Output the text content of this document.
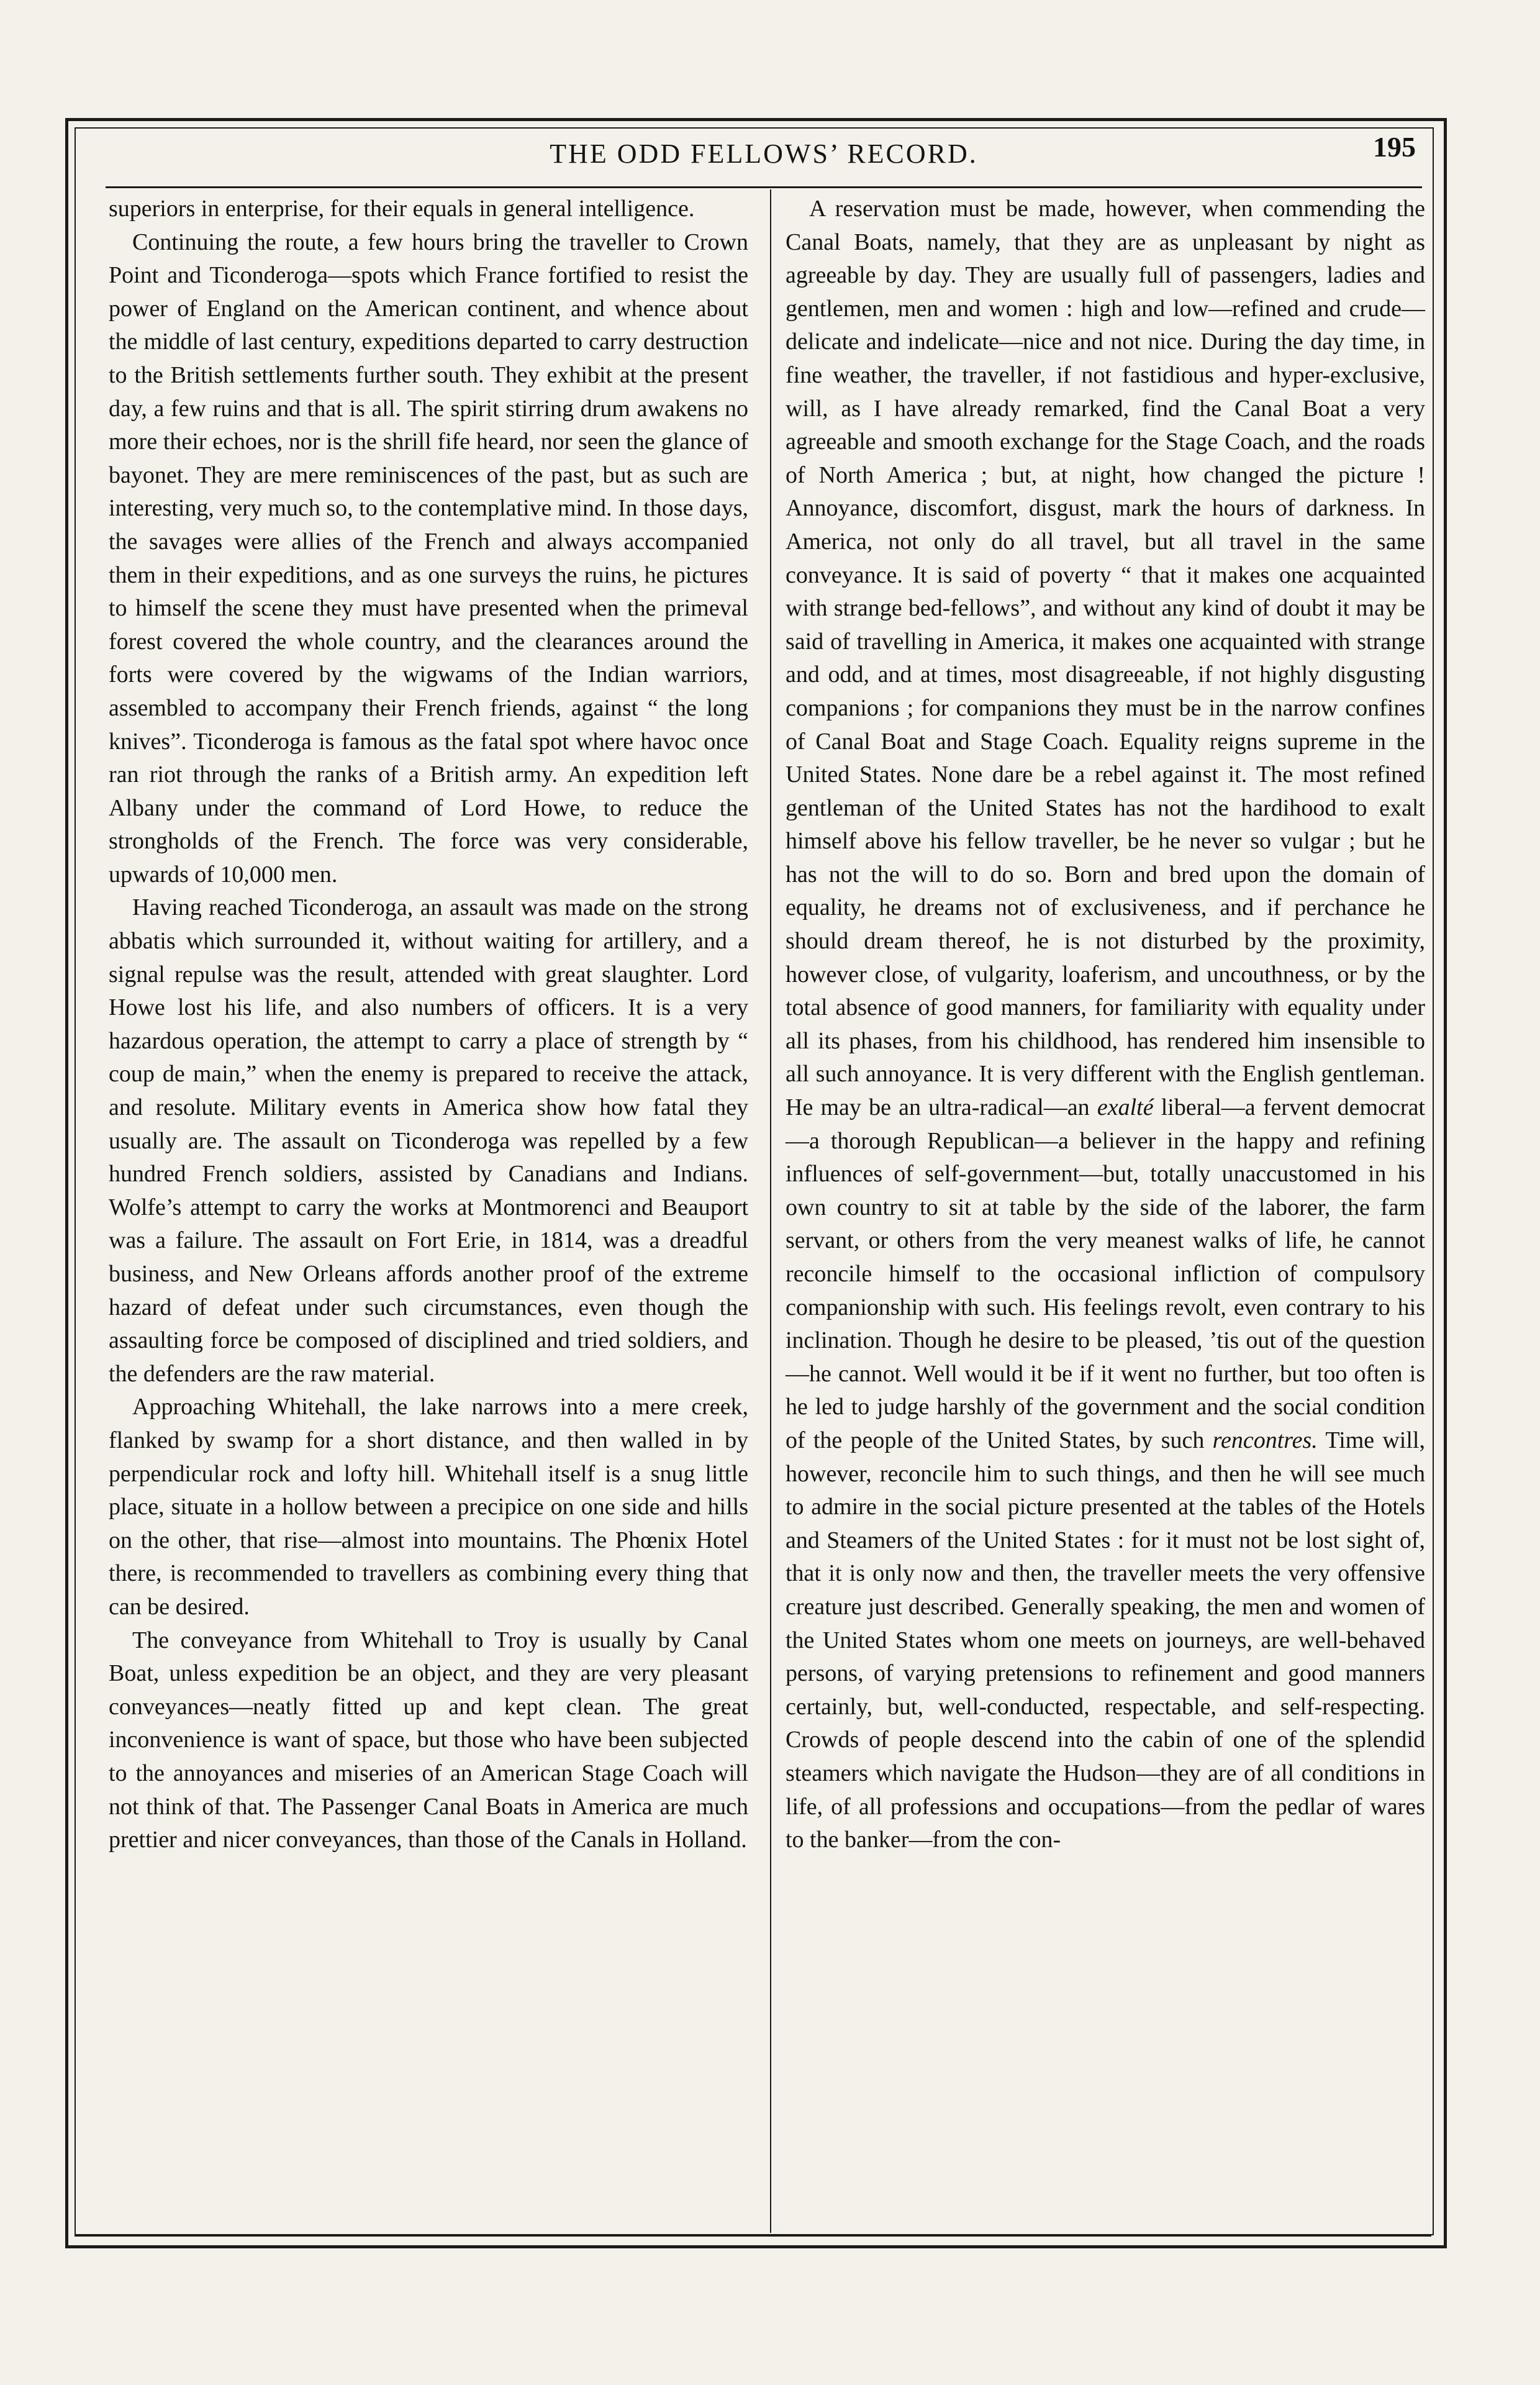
THE ODD FELLOWS’ RECORD.	195

superiors in enterprise, for their equals in general intelligence.

Continuing the route, a few hours bring the traveller to Crown Point and Ticonderoga—spots which France fortified to resist the power of England on the American continent, and whence about the middle of last century, expeditions departed to carry destruction to the British settlements further south. They exhibit at the present day, a few ruins and that is all. The spirit stirring drum awakens no more their echoes, nor is the shrill fife heard, nor seen the glance of bayonet. They are mere reminiscences of the past, but as such are interesting, very much so, to the contemplative mind. In those days, the savages were allies of the French and always accompanied them in their expeditions, and as one surveys the ruins, he pictures to himself the scene they must have presented when the primeval forest covered the whole country, and the clearances around the forts were covered by the wigwams of the Indian warriors, assembled to accompany their French friends, against “ the long knives”. Ticonderoga is famous as the fatal spot where havoc once ran riot through the ranks of a British army. An expedition left Albany under the command of Lord Howe, to reduce the strongholds of the French. The force was very considerable, upwards of 10,000 men.

Having reached Ticonderoga, an assault was made on the strong abbatis which surrounded it, without waiting for artillery, and a signal repulse was the result, attended with great slaughter. Lord Howe lost his life, and also numbers of officers. It is a very hazardous operation, the attempt to carry a place of strength by “ coup de main,” when the enemy is prepared to receive the attack, and resolute. Military events in America show how fatal they usually are. The assault on Ticonderoga was repelled by a few hundred French soldiers, assisted by Canadians and Indians. Wolfe’s attempt to carry the works at Montmorenci and Beauport was a failure. The assault on Fort Erie, in 1814, was a dreadful business, and New Orleans affords another proof of the extreme hazard of defeat under such circumstances, even though the assaulting force be composed of disciplined and tried soldiers, and the defenders are the raw material.

Approaching Whitehall, the lake narrows into a mere creek, flanked by swamp for a short distance, and then walled in by perpendicular rock and lofty hill. Whitehall itself is a snug little place, situate in a hollow between a precipice on one side and hills on the other, that rise—almost into mountains. The Phœnix Hotel there, is recommended to travellers as combining every thing that can be desired.

The conveyance from Whitehall to Troy is usually by Canal Boat, unless expedition be an object, and they are very pleasant conveyances—neatly fitted up and kept clean. The great inconvenience is want of space, but those who have been subjected to the annoyances and miseries of an American Stage Coach will not think of that. The Passenger Canal Boats in America are much prettier and nicer conveyances, than those of the Canals in Holland.

A reservation must be made, however, when commending the Canal Boats, namely, that they are as unpleasant by night as agreeable by day. They are usually full of passengers, ladies and gentlemen, men and women : high and low—refined and crude—delicate and indelicate—nice and not nice. During the day time, in fine weather, the traveller, if not fastidious and hyper-exclusive, will, as I have already remarked, find the Canal Boat a very agreeable and smooth exchange for the Stage Coach, and the roads of North America ; but, at night, how changed the picture ! Annoyance, discomfort, disgust, mark the hours of darkness. In America, not only do all travel, but all travel in the same conveyance. It is said of poverty “ that it makes one acquainted with strange bed-fellows”, and without any kind of doubt it may be said of travelling in America, it makes one acquainted with strange and odd, and at times, most disagreeable, if not highly disgusting companions ; for companions they must be in the narrow confines of Canal Boat and Stage Coach. Equality reigns supreme in the United States. None dare be a rebel against it. The most refined gentleman of the United States has not the hardihood to exalt himself above his fellow traveller, be he never so vulgar ; but he has not the will to do so. Born and bred upon the domain of equality, he dreams not of exclusiveness, and if perchance he should dream thereof, he is not disturbed by the proximity, however close, of vulgarity, loaferism, and uncouthness, or by the total absence of good manners, for familiarity with equality under all its phases, from his childhood, has rendered him insensible to all such annoyance. It is very different with the English gentleman. He may be an ultra-radical—an exalté liberal—a fervent democrat—a thorough Republican—a believer in the happy and refining influences of self-government—but, totally unaccustomed in his own country to sit at table by the side of the laborer, the farm servant, or others from the very meanest walks of life, he cannot reconcile himself to the occasional infliction of compulsory companionship with such. His feelings revolt, even contrary to his inclination. Though he desire to be pleased, ’tis out of the question —he cannot. Well would it be if it went no further, but too often is he led to judge harshly of the government and the social condition of the people of the United States, by such rencontres. Time will, however, reconcile him to such things, and then he will see much to admire in the social picture presented at the tables of the Hotels and Steamers of the United States : for it must not be lost sight of, that it is only now and then, the traveller meets the very offensive creature just described. Generally speaking, the men and women of the United States whom one meets on journeys, are well-behaved persons, of varying pretensions to refinement and good manners certainly, but, well-conducted, respectable, and self-respecting. Crowds of people descend into the cabin of one of the splendid steamers which navigate the Hudson—they are of all conditions in life, of all professions and occupations—from the pedlar of wares to the banker—from the con-
